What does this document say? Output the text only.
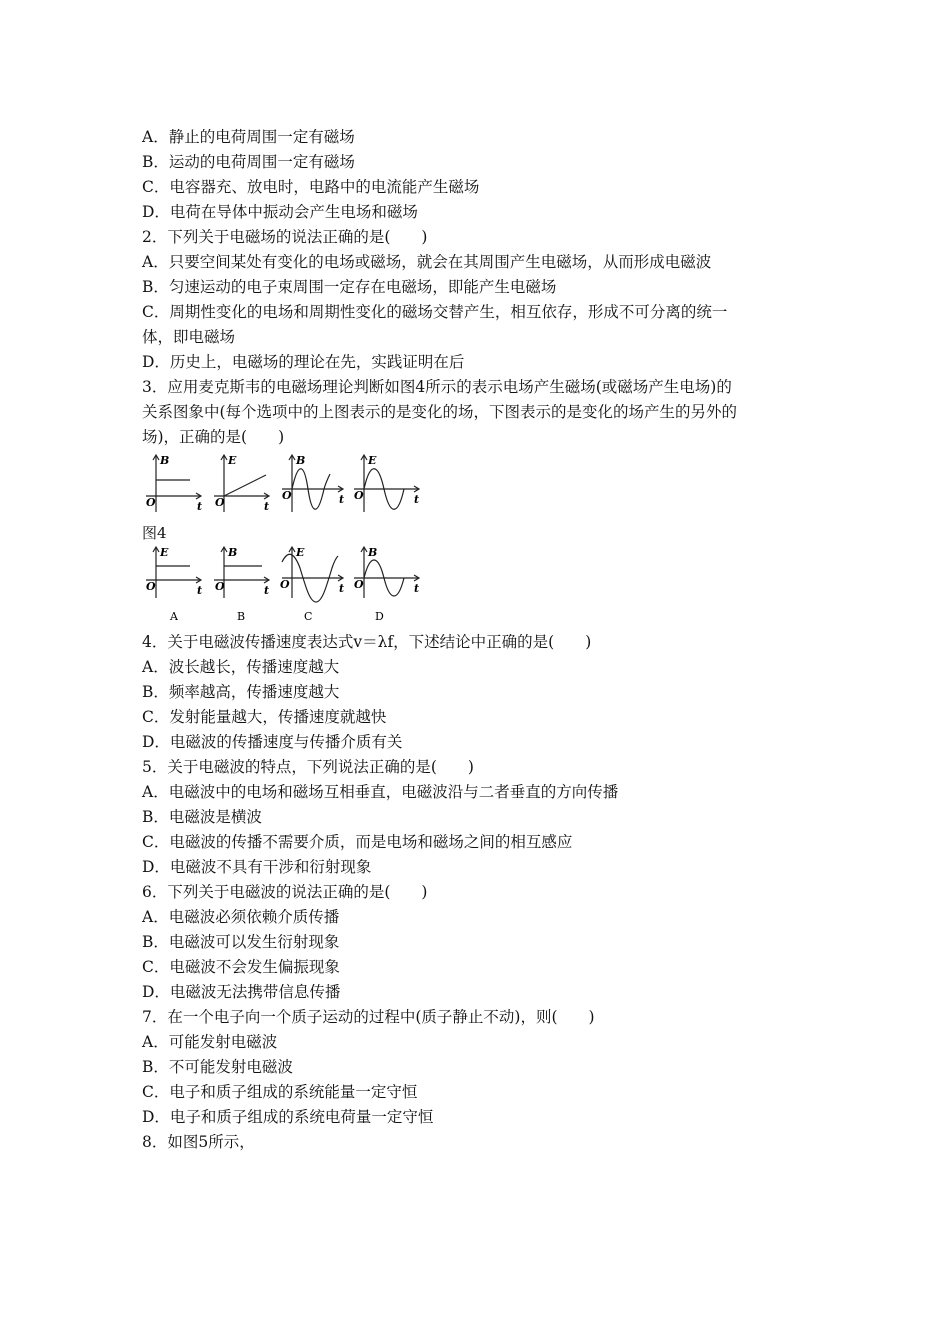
A．静止的电荷周围一定有磁场
B．运动的电荷周围一定有磁场
C．电容器充、放电时，电路中的电流能产生磁场
D．电荷在导体中振动会产生电场和磁场
2．下列关于电磁场的说法正确的是(　　)
A．只要空间某处有变化的电场或磁场，就会在其周围产生电磁场，从而形成电磁波
B．匀速运动的电子束周围一定存在电磁场，即能产生电磁场
C．周期性变化的电场和周期性变化的磁场交替产生，相互依存，形成不可分离的统一
体，即电磁场
D．历史上，电磁场的理论在先，实践证明在后
3．应用麦克斯韦的电磁场理论判断如图4所示的表示电场产生磁场(或磁场产生电场)的
关系图象中(每个选项中的上图表示的是变化的场，下图表示的是变化的场产生的另外的
场)，正确的是(　　)
B
O	t
E
O	t
B
O	t
E
O	t
图4
E
O	t
B
O	t
E
O	t
B
O	t
A	B	C	D
4．关于电磁波传播速度表达式v＝λf，下述结论中正确的是(　　)
A．波长越长，传播速度越大
B．频率越高，传播速度越大
C．发射能量越大，传播速度就越快
D．电磁波的传播速度与传播介质有关
5．关于电磁波的特点，下列说法正确的是(　　)
A．电磁波中的电场和磁场互相垂直，电磁波沿与二者垂直的方向传播
B．电磁波是横波
C．电磁波的传播不需要介质，而是电场和磁场之间的相互感应
D．电磁波不具有干涉和衍射现象
6．下列关于电磁波的说法正确的是(　　)
A．电磁波必须依赖介质传播
B．电磁波可以发生衍射现象
C．电磁波不会发生偏振现象
D．电磁波无法携带信息传播
7．在一个电子向一个质子运动的过程中(质子静止不动)，则(　　)
A．可能发射电磁波
B．不可能发射电磁波
C．电子和质子组成的系统能量一定守恒
D．电子和质子组成的系统电荷量一定守恒
8．如图5所示，
